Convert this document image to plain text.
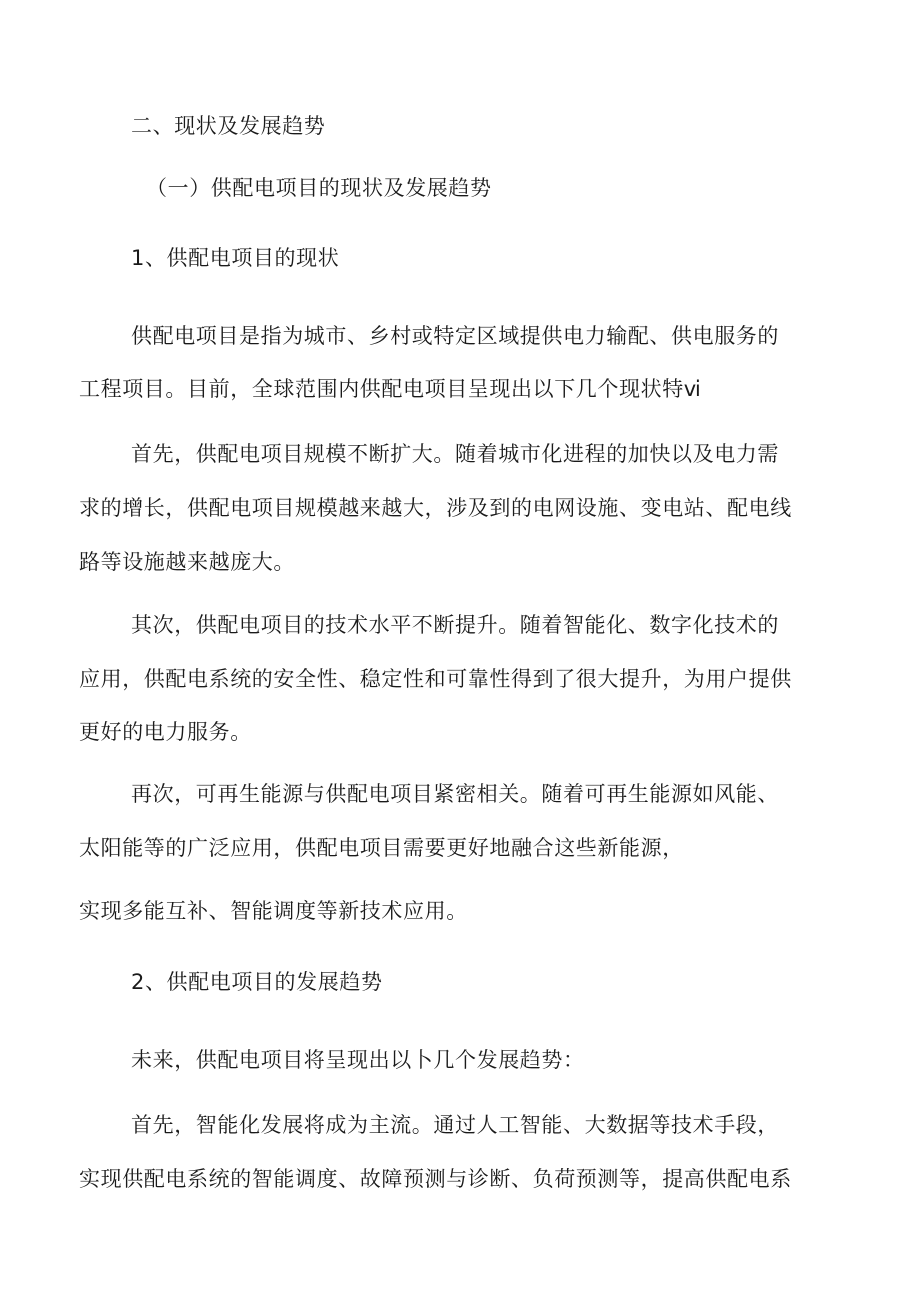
二、现状及发展趋势
（一）供配电项目的现状及发展趋势
1、供配电项目的现状
供配电项目是指为城市、乡村或特定区域提供电力输配、供电服务的
工程项目。目前，全球范围内供配电项目呈现出以下几个现状特ⅵ
首先，供配电项目规模不断扩大。随着城市化进程的加快以及电力需
求的增长，供配电项目规模越来越大，涉及到的电网设施、变电站、配电线
路等设施越来越庞大。
其次，供配电项目的技术水平不断提升。随着智能化、数字化技术的
应用，供配电系统的安全性、稳定性和可靠性得到了很大提升，为用户提供
更好的电力服务。
再次，可再生能源与供配电项目紧密相关。随着可再生能源如风能、
太阳能等的广泛应用，供配电项目需要更好地融合这些新能源，
实现多能互补、智能调度等新技术应用。
2、供配电项目的发展趋势
未来，供配电项目将呈现出以卜几个发展趋势：
首先，智能化发展将成为主流。通过人工智能、大数据等技术手段，
实现供配电系统的智能调度、故障预测与诊断、负荷预测等，提高供配电系
